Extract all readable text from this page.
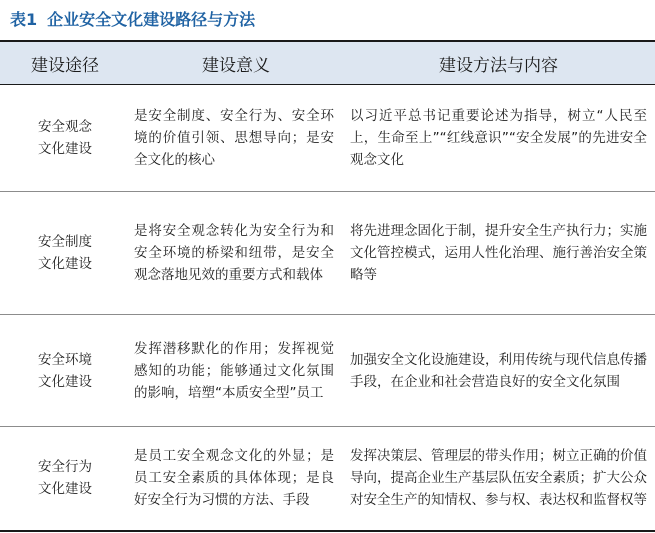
表1 企业安全文化建设路径与方法
建设途径	建设意义	建设方法与内容

安全观念
文化建设	是安全制度、安全行为、安全环境的价值引领、思想导向；是安全文化的核心	以习近平总书记重要论述为指导，树立“人民至上，生命至上”“红线意识”“安全发展”的先进安全观念文化

安全制度
文化建设	是将安全观念转化为安全行为和安全环境的桥梁和纽带，是安全观念落地见效的重要方式和载体	将先进理念固化于制，提升安全生产执行力；实施文化管控模式，运用人性化治理、施行善治安全策略等

安全环境
文化建设	发挥潜移默化的作用；发挥视觉感知的功能；能够通过文化氛围的影响，培塑“本质安全型”员工	加强安全文化设施建设，利用传统与现代信息传播手段，在企业和社会营造良好的安全文化氛围

安全行为
文化建设	是员工安全观念文化的外显；是员工安全素质的具体体现；是良好安全行为习惯的方法、手段	发挥决策层、管理层的带头作用；树立正确的价值导向，提高企业生产基层队伍安全素质；扩大公众对安全生产的知情权、参与权、表达权和监督权等
